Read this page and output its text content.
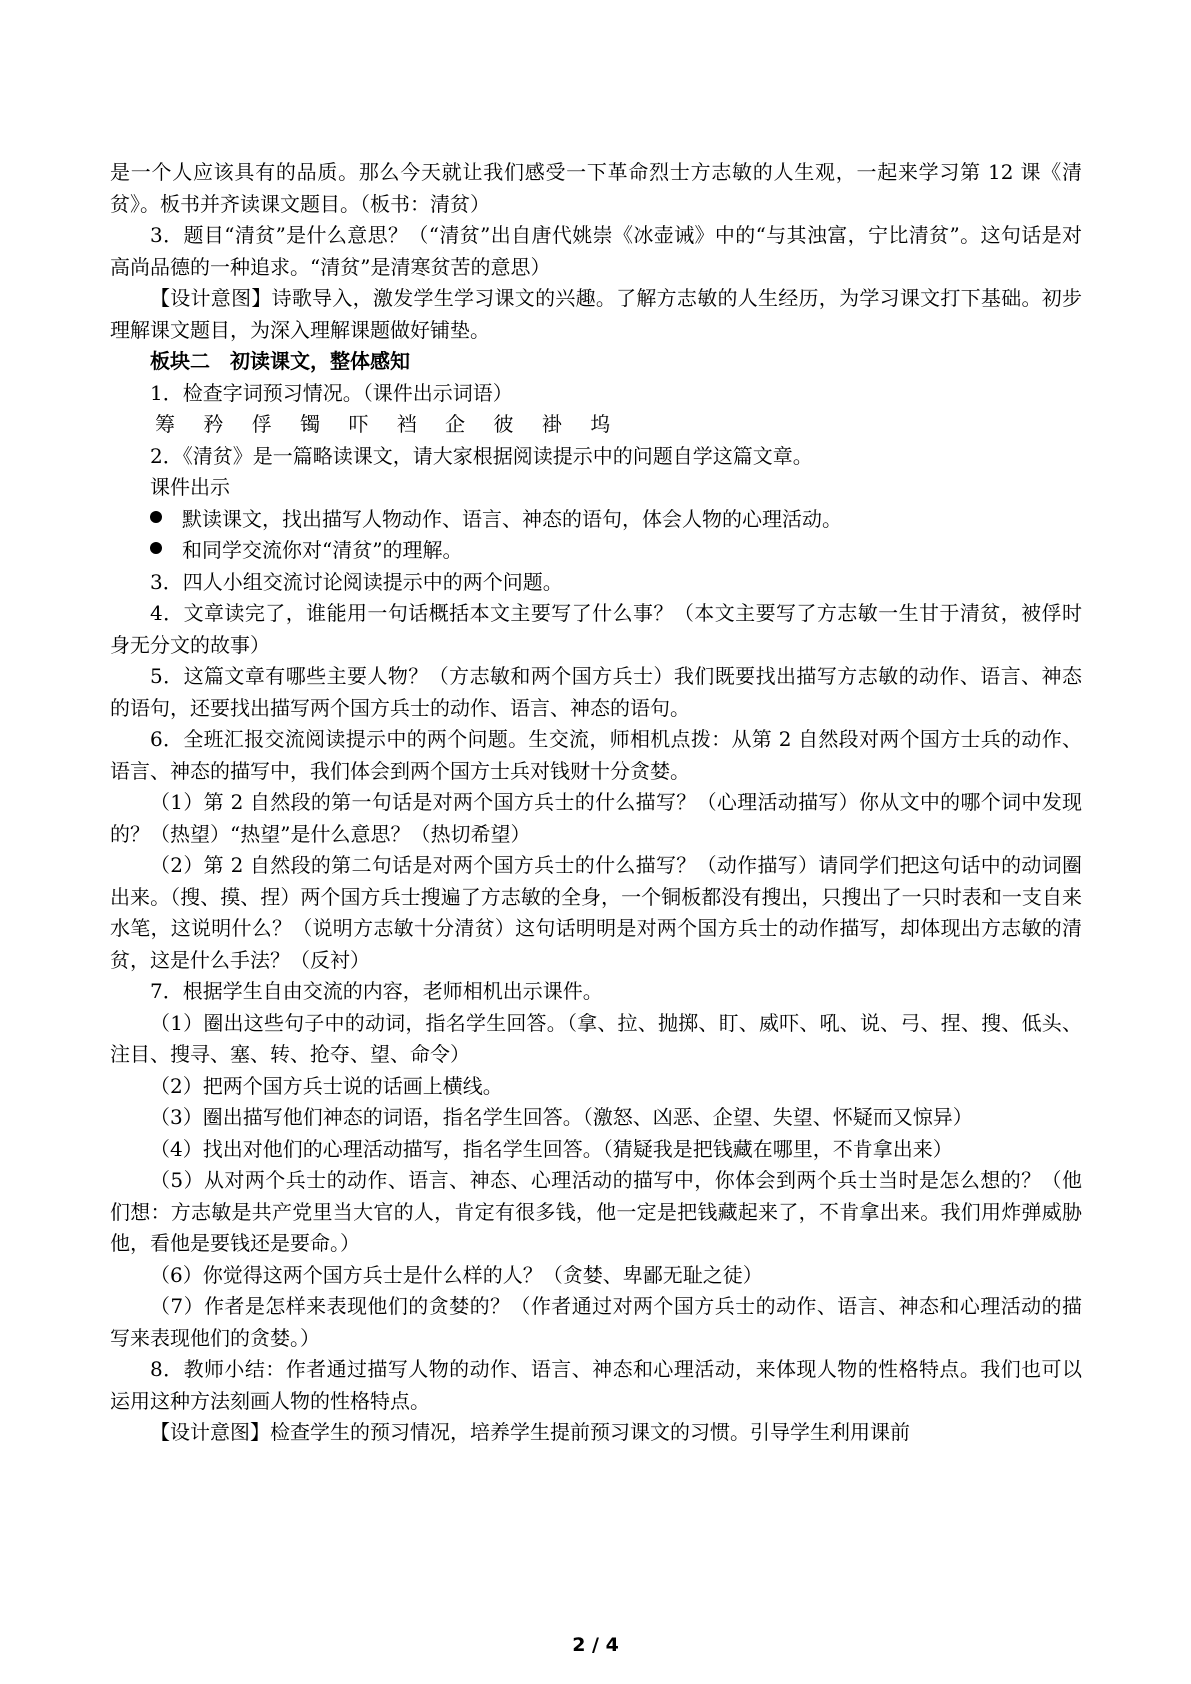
是一个人应该具有的品质。那么今天就让我们感受一下革命烈士方志敏的人生观，一起来学习第 12 课《清贫》。板书并齐读课文题目。（板书：清贫）

3．题目“清贫”是什么意思？（“清贫”出自唐代姚崇《冰壶诫》中的“与其浊富，宁比清贫”。这句话是对高尚品德的一种追求。“清贫”是清寒贫苦的意思）

【设计意图】诗歌导入，激发学生学习课文的兴趣。了解方志敏的人生经历，为学习课文打下基础。初步理解课文题目，为深入理解课题做好铺垫。

板块二　初读课文，整体感知

1．检查字词预习情况。（课件出示词语）

筹 矜 俘 镯 吓 裆 企 彼 褂 坞

2．《清贫》是一篇略读课文，请大家根据阅读提示中的问题自学这篇文章。

课件出示

默读课文，找出描写人物动作、语言、神态的语句，体会人物的心理活动。
和同学交流你对“清贫”的理解。

3．四人小组交流讨论阅读提示中的两个问题。

4．文章读完了，谁能用一句话概括本文主要写了什么事？（本文主要写了方志敏一生甘于清贫，被俘时身无分文的故事）

5．这篇文章有哪些主要人物？（方志敏和两个国方兵士）我们既要找出描写方志敏的动作、语言、神态的语句，还要找出描写两个国方兵士的动作、语言、神态的语句。

6．全班汇报交流阅读提示中的两个问题。生交流，师相机点拨：从第 2 自然段对两个国方士兵的动作、语言、神态的描写中，我们体会到两个国方士兵对钱财十分贪婪。

（1）第 2 自然段的第一句话是对两个国方兵士的什么描写？（心理活动描写）你从文中的哪个词中发现的？（热望）“热望”是什么意思？（热切希望）

（2）第 2 自然段的第二句话是对两个国方兵士的什么描写？（动作描写）请同学们把这句话中的动词圈出来。（搜、摸、捏）两个国方兵士搜遍了方志敏的全身，一个铜板都没有搜出，只搜出了一只时表和一支自来水笔，这说明什么？（说明方志敏十分清贫）这句话明明是对两个国方兵士的动作描写，却体现出方志敏的清贫，这是什么手法？（反衬）

7．根据学生自由交流的内容，老师相机出示课件。

（1）圈出这些句子中的动词，指名学生回答。（拿、拉、抛掷、盯、威吓、吼、说、弓、捏、搜、低头、注目、搜寻、塞、转、抢夺、望、命令）

（2）把两个国方兵士说的话画上横线。

（3）圈出描写他们神态的词语，指名学生回答。（激怒、凶恶、企望、失望、怀疑而又惊异）

（4）找出对他们的心理活动描写，指名学生回答。（猜疑我是把钱藏在哪里，不肯拿出来）

（5）从对两个兵士的动作、语言、神态、心理活动的描写中，你体会到两个兵士当时是怎么想的？（他们想：方志敏是共产党里当大官的人，肯定有很多钱，他一定是把钱藏起来了，不肯拿出来。我们用炸弹威胁他，看他是要钱还是要命。）

（6）你觉得这两个国方兵士是什么样的人？（贪婪、卑鄙无耻之徒）

（7）作者是怎样来表现他们的贪婪的？（作者通过对两个国方兵士的动作、语言、神态和心理活动的描写来表现他们的贪婪。）

8．教师小结：作者通过描写人物的动作、语言、神态和心理活动，来体现人物的性格特点。我们也可以运用这种方法刻画人物的性格特点。

【设计意图】检查学生的预习情况，培养学生提前预习课文的习惯。引导学生利用课前

2 / 4
